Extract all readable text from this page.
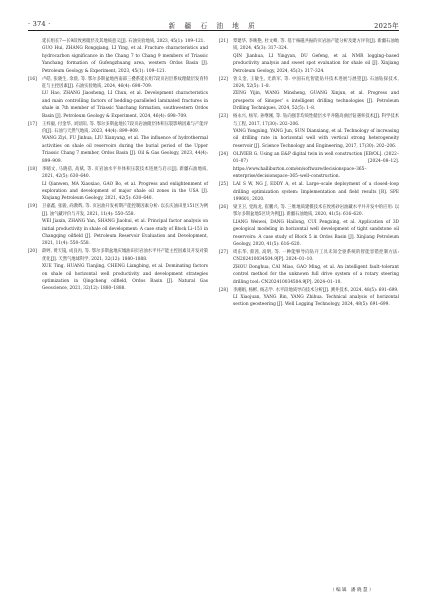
· 374 ·	新 疆 石 油 地 质	2025年

延长组长7—长9段致密储层及其地质意义[J]. 石油实验地质, 2023, 45(1): 109–121.

GUO Hui, ZHANG Rongqiang, LI Ying, et al. Fracture characteristics and hydrocarbon significance in the Chang 7 to Chang 9 members of Triassic Yanchang formation of Gufengzhuang area, western Ordos Basin [J]. Petroleum Geology & Experiment, 2023, 45(1): 109–121.

[16] 卢皓, 张晓生, 余晨, 等. 鄂尔多斯盆地西南部三叠系延长组7段页岩层系纹理储层发育特征与主控因素[J]. 石油实验地质, 2024, 46(4): 698–709.

LU Hao, ZHANG Jiaosheng, LI Chun, et al. Development characteristics and main controlling factors of bedding–paralleled laminated fractures in shale in 7th member of Triassic Yanchang formation, southwestern Ordos Basin [J]. Petroleum Geology & Experiment, 2024, 46(4): 698–709.

[17] 王梓毅, 付金华, 刘显阳, 等. 鄂尔多斯盆地长7段页岩油储层体积压裂影响因素与产能评价[J]. 石油与天然气地质, 2023, 44(4): 899–909.

WANG Ziyi, FU Jinhua, LIU Xianyang, et al. The influence of hydrothermal activities on shale oil reservoirs during the burial period of the Upper Triassic Chang 7 member, Ordos Basin [J]. Oil & Gas Geology, 2023, 44(4): 899–909.

[18] 李晴文, 马晓蓓, 高斌, 等. 页岩油水平井体积压裂技术进展与启示[J]. 新疆石油地质, 2021, 42(5): 630–640.

LI Qianwen, MA Xiaoxiao, GAO Bo, et al. Progress and enlightenment of exploration and development of major shale oil zones in the USA [J]. Xinjiang Petroleum Geology, 2021, 42(5): 630–640.

[19] 卫嘉鑫, 张骏, 尚教辉, 等. 页岩油开发初期产能控制因素分析: 以长庆油田里151区为例[J]. 油气藏评价与开发, 2021, 11(4): 550–558.

WEI Jiaxin, ZHANG Yan, SHANG Jiaohui, et al. Principal factor analysis on initial productivity in shale oil development: A case study of Block Li–151 in Changqing oilfield [J]. Petroleum Reservoir Evaluation and Development, 2021, 11(4): 550–558.

[20] 薛婷, 黄天镜, 成良丙, 等. 鄂尔多斯盆地庆城油田页岩油水平井产能主控因素及开发对策优化[J]. 天然气地球科学, 2021, 32(12): 1880–1888.

XUE Ting, HUANG Tianjing, CHENG Liangbing, et al. Dominating factors on shale oil horizontal well productivity and development strategies optimization in Qingcheng oilfield, Ordos Basin [J]. Natural Gas Geoscience, 2021, 32(12): 1880–1888.

[21] 覃建华, 李映艳, 杜文峰, 等. 基于核磁共振的页岩油产能分析及建方评价[J]. 新疆石油地质, 2024, 45(3): 317–324.

QIN Jianhua, LI Yingyan, DU Gefeng, et al. NMR logging–based productivity analysis and sweet spot evaluation for shale oil [J]. Xinjiang Petroleum Geology, 2024, 45(3): 317–324.

[22] 曾义金, 王敏生, 光新军, 等. 中国石化智能钻井技术进展与展望[J]. 石油钻探技术, 2024, 52(5): 1–8.

ZENG Yijin, WANG Minsheng, GUANG Xinjun, et al. Progress and prospects of Sinopec' s intelligent drilling technologies [J]. Petroleum Drilling Techniques, 2024, 52(5): 1–8.

[23] 杨永兴, 杨军, 孙继刚, 等. 钻向强非均质性储层水平井随高曲层钻遇率技术[J]. 科学技术与工程, 2017, 17(30): 202–206.

YANG Yongxing, YANG Jun, SUN Dianxiang, et al. Technology of increasing oil drilling rate in horizontal well with vertical strong heterogeneity reservoir [J]. Science Technology and Engineering, 2017, 17(30): 202–206.

[24] OLIVIER G. Using an E&P digital twin in well construction [EB/OL]. (2022–01–07) [2024–08–12]. https://www.halliburton.com/en/software/decisionspace–365–enterprise/decisionspace–365–well–construction.

[25] LAI S W, NG J, EDDY A, et al. Large–scale deployment of a closed–loop drilling optimization system: Implementation and field results [R]. SPE 199601, 2020.

[26] 梁卫卫, 党海龙, 崔鹏兴, 等. 三维地质建模技术在致密砂岩油藏水平井开发中的应用: 以鄂尔多斯盆地5区块为例[J]. 新疆石油地质, 2020, 41(5): 616–620.

LIANG Weiwei, DANG Hailong, CUI Pengxing, et al. Application of 3D geological modeling in horizontal well development of tight sandstone oil reservoirs: A case study of Block 5 in Ordos Basin [J]. Xinjiang Petroleum Geology, 2020, 41(5): 616–620.

[27] 周东华, 蔡茜, 高明, 等. 一种能够导向钻开工具未知全驱系统的智能容错控制方法: CN202410034504.9[P]. 2024–01–10.

ZHOU Donghua, CAI Miao, GAO Ming, et al. An intelligent fault–tolerant control method for the unknown full drive system of a rotary steering drilling tool: CN202410034504.9[P]. 2024–01–10.

[28] 李湘娟, 杨彬, 杨志学. 水平段地质导向技术分析[J]. 测井技术, 2024, 48(5): 691–699.

LI Xiaojuan, YANG Bin, YANG Zhihua. Technical analysis of horizontal section geosteering [J]. Well Logging Technology, 2024, 48(5): 691–699.

（编辑 潘晓慧）
